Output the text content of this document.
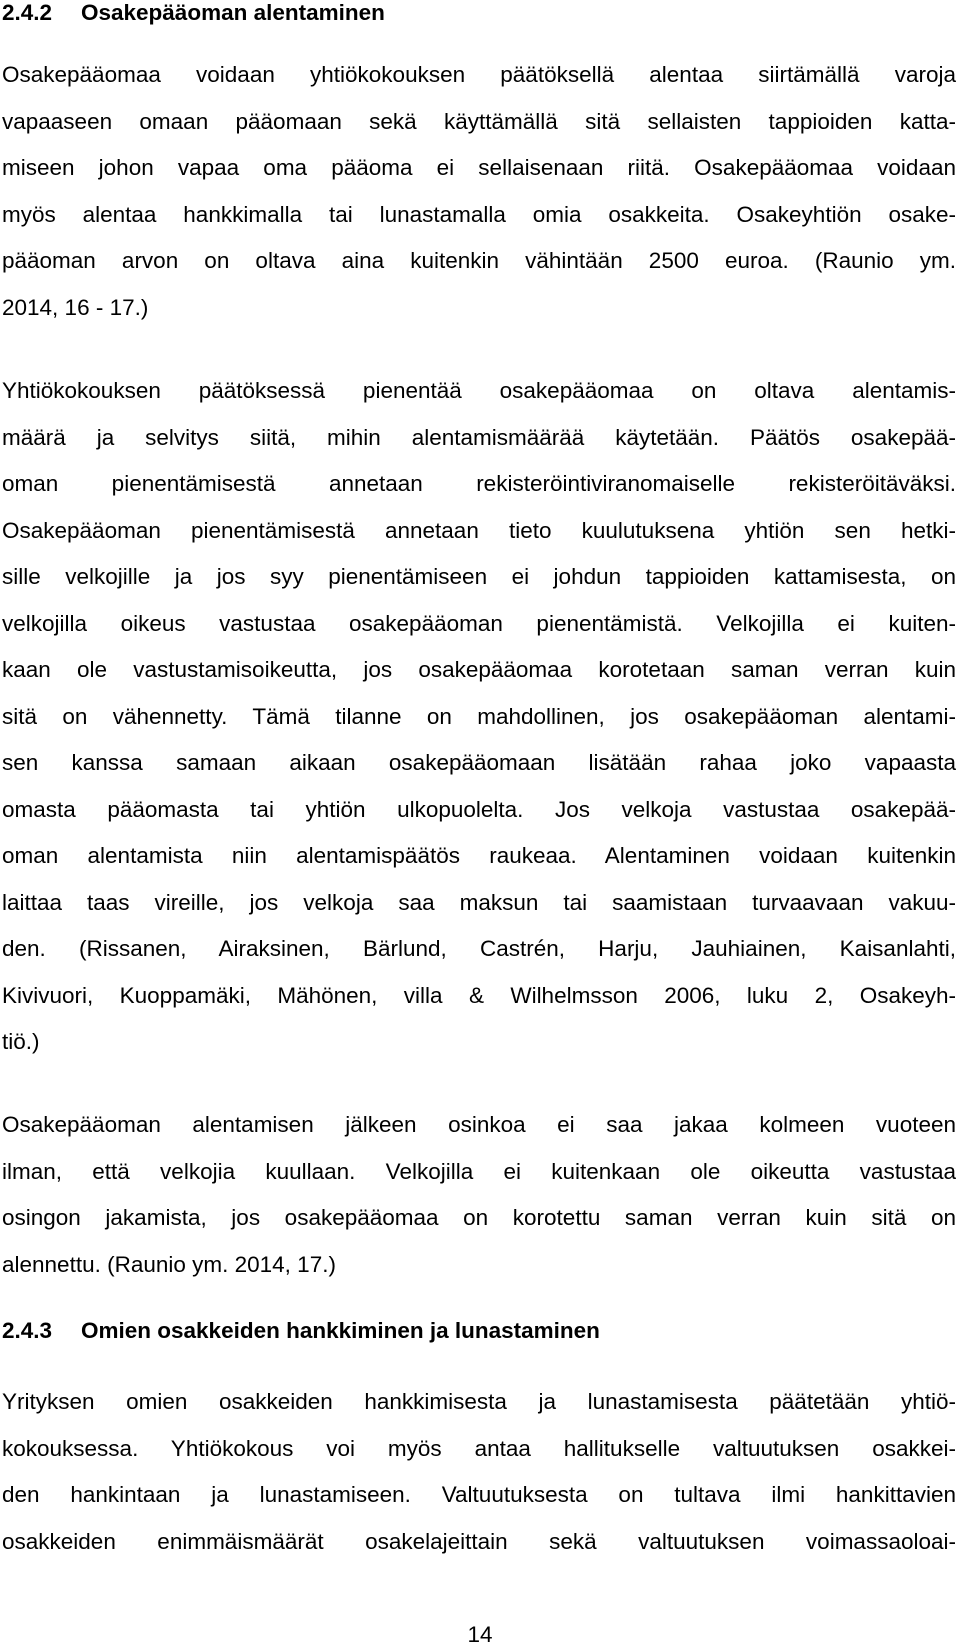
2.4.2 Osakepääoman alentaminen
Osakepääomaa voidaan yhtiökokouksen päätöksellä alentaa siirtämällä varoja
vapaaseen omaan pääomaan sekä käyttämällä sitä sellaisten tappioiden katta-
miseen johon vapaa oma pääoma ei sellaisenaan riitä. Osakepääomaa voidaan
myös alentaa hankkimalla tai lunastamalla omia osakkeita. Osakeyhtiön osake-
pääoman arvon on oltava aina kuitenkin vähintään 2500 euroa. (Raunio ym.
2014, 16 - 17.)
Yhtiökokouksen päätöksessä pienentää osakepääomaa on oltava alentamis-
määrä ja selvitys siitä, mihin alentamismäärää käytetään. Päätös osakepää-
oman pienentämisestä annetaan rekisteröintiviranomaiselle rekisteröitäväksi.
Osakepääoman pienentämisestä annetaan tieto kuulutuksena yhtiön sen hetki-
sille velkojille ja jos syy pienentämiseen ei johdun tappioiden kattamisesta, on
velkojilla oikeus vastustaa osakepääoman pienentämistä. Velkojilla ei kuiten-
kaan ole vastustamisoikeutta, jos osakepääomaa korotetaan saman verran kuin
sitä on vähennetty. Tämä tilanne on mahdollinen, jos osakepääoman alentami-
sen kanssa samaan aikaan osakepääomaan lisätään rahaa joko vapaasta
omasta pääomasta tai yhtiön ulkopuolelta. Jos velkoja vastustaa osakepää-
oman alentamista niin alentamispäätös raukeaa. Alentaminen voidaan kuitenkin
laittaa taas vireille, jos velkoja saa maksun tai saamistaan turvaavaan vakuu-
den. (Rissanen, Airaksinen, Bärlund, Castrén, Harju, Jauhiainen, Kaisanlahti,
Kivivuori, Kuoppamäki, Mähönen, villa & Wilhelmsson 2006, luku 2, Osakeyh-
tiö.)
Osakepääoman alentamisen jälkeen osinkoa ei saa jakaa kolmeen vuoteen
ilman, että velkojia kuullaan. Velkojilla ei kuitenkaan ole oikeutta vastustaa
osingon jakamista, jos osakepääomaa on korotettu saman verran kuin sitä on
alennettu. (Raunio ym. 2014, 17.)
2.4.3 Omien osakkeiden hankkiminen ja lunastaminen
Yrityksen omien osakkeiden hankkimisesta ja lunastamisesta päätetään yhtiö-
kokouksessa. Yhtiökokous voi myös antaa hallitukselle valtuutuksen osakkei-
den hankintaan ja lunastamiseen. Valtuutuksesta on tultava ilmi hankittavien
osakkeiden enimmäismäärät osakelajeittain sekä valtuutuksen voimassaoloai-
14
